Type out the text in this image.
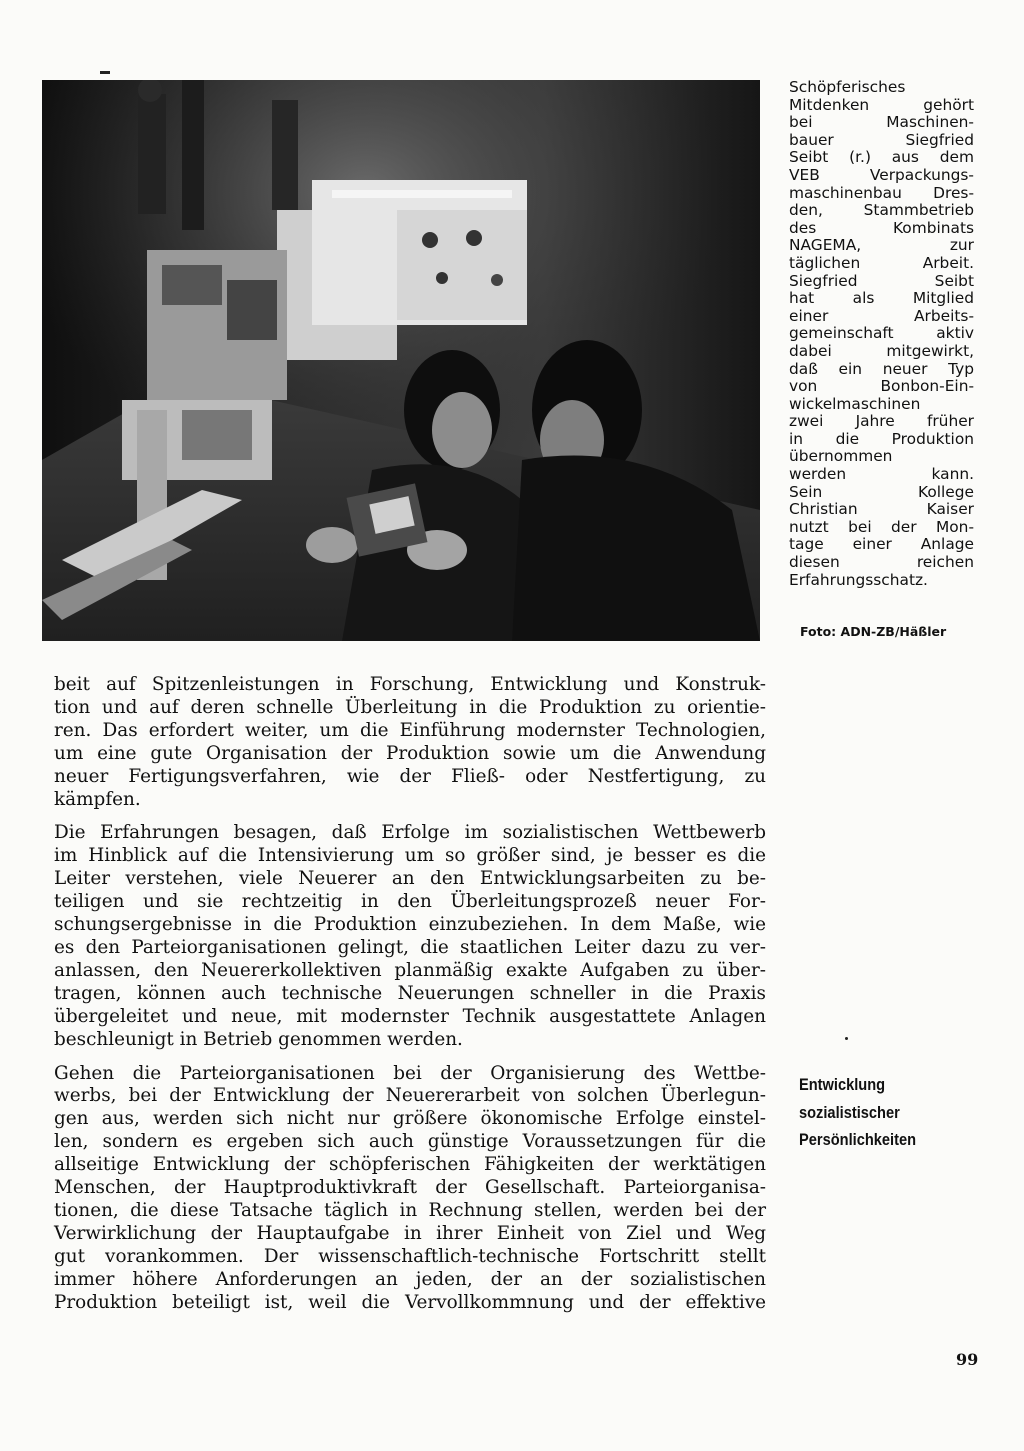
Schöpferisches
Mitdenken gehört
bei Maschinen-
bauer Siegfried
Seibt (r.) aus dem
VEB Verpackungs-
maschinenbau Dres-
den, Stammbetrieb
des Kombinats
NAGEMA, zur
täglichen Arbeit.
Siegfried Seibt
hat als Mitglied
einer Arbeits-
gemeinschaft aktiv
dabei mitgewirkt,
daß ein neuer Typ
von Bonbon-Ein-
wickelmaschinen
zwei Jahre früher
in die Produktion
übernommen
werden kann.
Sein Kollege
Christian Kaiser
nutzt bei der Mon-
tage einer Anlage
diesen reichen
Erfahrungsschatz.
Foto: ADN-ZB/Häßler
beit auf Spitzenleistungen in Forschung, Entwicklung und Konstruk-
tion und auf deren schnelle Überleitung in die Produktion zu orientie-
ren. Das erfordert weiter, um die Einführung modernster Technologien,
um eine gute Organisation der Produktion sowie um die Anwendung
neuer Fertigungsverfahren, wie der Fließ- oder Nestfertigung, zu
kämpfen.
Die Erfahrungen besagen, daß Erfolge im sozialistischen Wettbewerb
im Hinblick auf die Intensivierung um so größer sind, je besser es die
Leiter verstehen, viele Neuerer an den Entwicklungsarbeiten zu be-
teiligen und sie rechtzeitig in den Überleitungsprozeß neuer For-
schungsergebnisse in die Produktion einzubeziehen. In dem Maße, wie
es den Parteiorganisationen gelingt, die staatlichen Leiter dazu zu ver-
anlassen, den Neuererkollektiven planmäßig exakte Aufgaben zu über-
tragen, können auch technische Neuerungen schneller in die Praxis
übergeleitet und neue, mit modernster Technik ausgestattete Anlagen
beschleunigt in Betrieb genommen werden.
Gehen die Parteiorganisationen bei der Organisierung des Wettbe-
werbs, bei der Entwicklung der Neuererarbeit von solchen Überlegun-
gen aus, werden sich nicht nur größere ökonomische Erfolge einstel-
len, sondern es ergeben sich auch günstige Voraussetzungen für die
allseitige Entwicklung der schöpferischen Fähigkeiten der werktätigen
Menschen, der Hauptproduktivkraft der Gesellschaft. Parteiorganisa-
tionen, die diese Tatsache täglich in Rechnung stellen, werden bei der
Verwirklichung der Hauptaufgabe in ihrer Einheit von Ziel und Weg
gut vorankommen. Der wissenschaftlich-technische Fortschritt stellt
immer höhere Anforderungen an jeden, der an der sozialistischen
Produktion beteiligt ist, weil die Vervollkommnung und der effektive
Entwicklung
sozialistischer
Persönlichkeiten
99
